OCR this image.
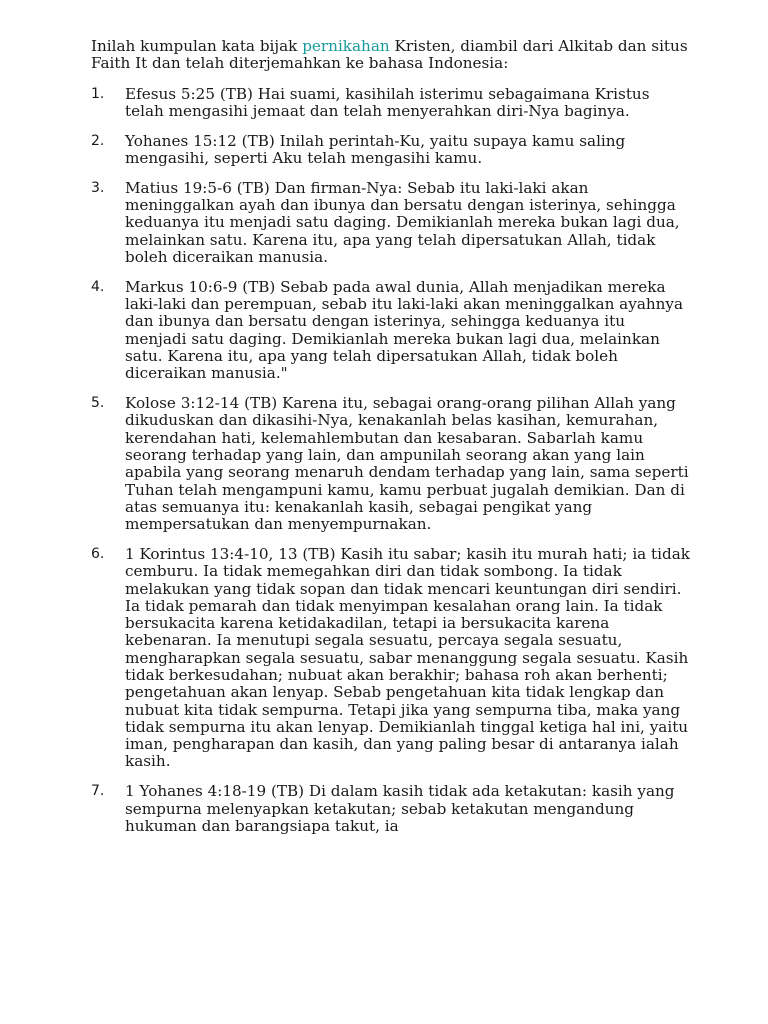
Inilah kumpulan kata bijak pernikahan Kristen, diambil dari Alkitab dan situs Faith It dan telah diterjemahkan ke bahasa Indonesia:

1. Efesus 5:25 (TB) Hai suami, kasihilah isterimu sebagaimana Kristus telah mengasihi jemaat dan telah menyerahkan diri-Nya baginya.
2. Yohanes 15:12 (TB) Inilah perintah-Ku, yaitu supaya kamu saling mengasihi, seperti Aku telah mengasihi kamu.
3. Matius 19:5-6 (TB) Dan firman-Nya: Sebab itu laki-laki akan meninggalkan ayah dan ibunya dan bersatu dengan isterinya, sehingga keduanya itu menjadi satu daging. Demikianlah mereka bukan lagi dua, melainkan satu. Karena itu, apa yang telah dipersatukan Allah, tidak boleh diceraikan manusia.
4. Markus 10:6-9 (TB) Sebab pada awal dunia, Allah menjadikan mereka laki-laki dan perempuan, sebab itu laki-laki akan meninggalkan ayahnya dan ibunya dan bersatu dengan isterinya, sehingga keduanya itu menjadi satu daging. Demikianlah mereka bukan lagi dua, melainkan satu. Karena itu, apa yang telah dipersatukan Allah, tidak boleh diceraikan manusia."
5. Kolose 3:12-14 (TB) Karena itu, sebagai orang-orang pilihan Allah yang dikuduskan dan dikasihi-Nya, kenakanlah belas kasihan, kemurahan, kerendahan hati, kelemahlembutan dan kesabaran. Sabarlah kamu seorang terhadap yang lain, dan ampunilah seorang akan yang lain apabila yang seorang menaruh dendam terhadap yang lain, sama seperti Tuhan telah mengampuni kamu, kamu perbuat jugalah demikian. Dan di atas semuanya itu: kenakanlah kasih, sebagai pengikat yang mempersatukan dan menyempurnakan.
6. 1 Korintus 13:4-10, 13 (TB) Kasih itu sabar; kasih itu murah hati; ia tidak cemburu. Ia tidak memegahkan diri dan tidak sombong. Ia tidak melakukan yang tidak sopan dan tidak mencari keuntungan diri sendiri. Ia tidak pemarah dan tidak menyimpan kesalahan orang lain. Ia tidak bersukacita karena ketidakadilan, tetapi ia bersukacita karena kebenaran. Ia menutupi segala sesuatu, percaya segala sesuatu, mengharapkan segala sesuatu, sabar menanggung segala sesuatu. Kasih tidak berkesudahan; nubuat akan berakhir; bahasa roh akan berhenti; pengetahuan akan lenyap. Sebab pengetahuan kita tidak lengkap dan nubuat kita tidak sempurna. Tetapi jika yang sempurna tiba, maka yang tidak sempurna itu akan lenyap. Demikianlah tinggal ketiga hal ini, yaitu iman, pengharapan dan kasih, dan yang paling besar di antaranya ialah kasih.
7. 1 Yohanes 4:18-19 (TB) Di dalam kasih tidak ada ketakutan: kasih yang sempurna melenyapkan ketakutan; sebab ketakutan mengandung hukuman dan barangsiapa takut, ia
